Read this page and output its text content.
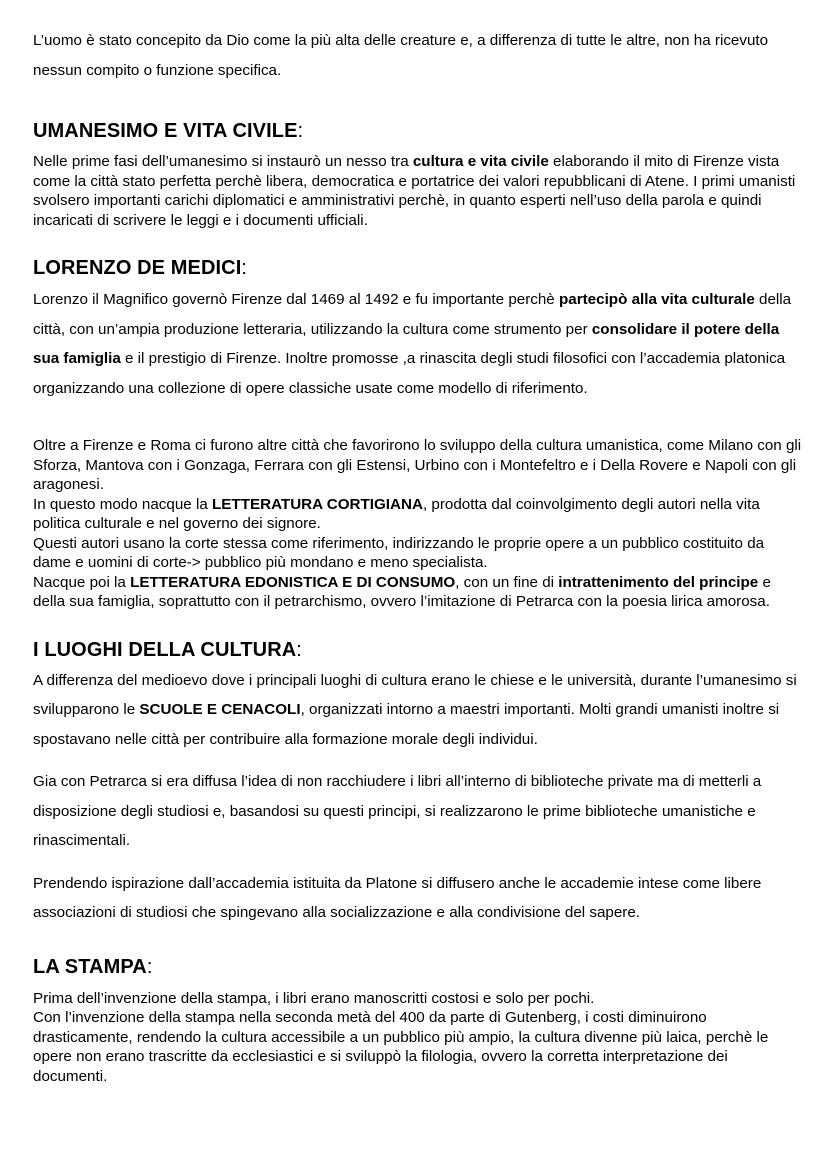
L’uomo è stato concepito da Dio come la più alta delle creature e, a differenza di tutte le altre, non ha ricevuto nessun compito o funzione specifica.

UMANESIMO E VITA CIVILE:

Nelle prime fasi dell’umanesimo si instaurò un nesso tra cultura e vita civile elaborando il mito di Firenze vista come la città stato perfetta perchè libera, democratica e portatrice dei valori repubblicani di Atene. I primi umanisti svolsero importanti carichi diplomatici e amministrativi perchè, in quanto esperti nell’uso della parola e quindi incaricati di scrivere le leggi e i documenti ufficiali.

LORENZO DE MEDICI:

Lorenzo il Magnifico governò Firenze dal 1469 al 1492 e fu importante perchè partecipò alla vita culturale della città, con un’ampia produzione letteraria, utilizzando la cultura come strumento per consolidare il potere della sua famiglia e il prestigio di Firenze. Inoltre promosse ,a rinascita degli studi filosofici con l’accademia platonica organizzando una collezione di opere classiche usate come modello di riferimento.

Oltre a Firenze e Roma ci furono altre città che favorirono lo sviluppo della cultura umanistica, come Milano con gli Sforza, Mantova con i Gonzaga, Ferrara con gli Estensi, Urbino con i Montefeltro e i Della Rovere e Napoli con gli aragonesi.

In questo modo nacque la LETTERATURA CORTIGIANA, prodotta dal coinvolgimento degli autori nella vita politica culturale e nel governo dei signore.

Questi autori usano la corte stessa come riferimento, indirizzando le proprie opere a un pubblico costituito da dame e uomini di corte-> pubblico più mondano e meno specialista.

Nacque poi la LETTERATURA EDONISTICA E DI CONSUMO, con un fine di intrattenimento del principe e della sua famiglia, soprattutto con il petrarchismo, ovvero l’imitazione di Petrarca con la poesia lirica amorosa.

I LUOGHI DELLA CULTURA:

A differenza del medioevo dove i principali luoghi di cultura erano le chiese e le università, durante l’umanesimo si svilupparono le SCUOLE E CENACOLI, organizzati intorno a maestri importanti. Molti grandi umanisti inoltre si spostavano nelle città per contribuire alla formazione morale degli individui.

Gia con Petrarca si era diffusa l’idea di non racchiudere i libri all’interno di biblioteche private ma di metterli a disposizione degli studiosi e, basandosi su questi principi, si realizzarono le prime biblioteche umanistiche e rinascimentali.

Prendendo ispirazione dall’accademia istituita da Platone si diffusero anche le accademie intese come libere associazioni di studiosi che spingevano alla socializzazione e alla condivisione del sapere.

LA STAMPA:

Prima dell’invenzione della stampa, i libri erano manoscritti costosi e solo per pochi.

Con l’invenzione della stampa nella seconda metà del 400 da parte di Gutenberg, i costi diminuirono drasticamente, rendendo la cultura accessibile a un pubblico più ampio, la cultura divenne più laica, perchè le opere non erano trascritte da ecclesiastici e si sviluppò la filologia, ovvero la corretta interpretazione dei documenti.
